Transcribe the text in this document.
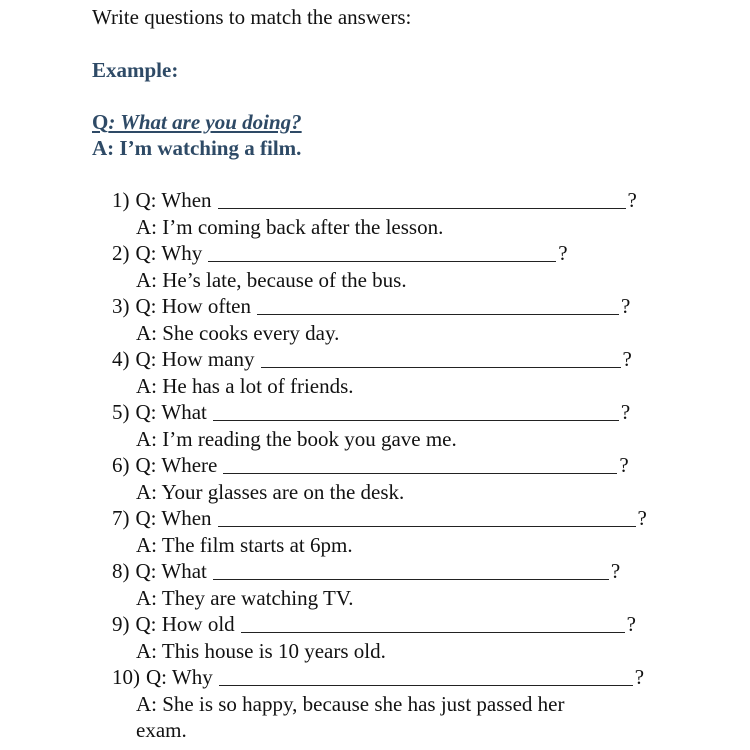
Write questions to match the answers:
Example:
Q: What are you doing?
A: I’m watching a film.
1) Q: When	?
A: I’m coming back after the lesson.
2) Q: Why	?
A: He’s late, because of the bus.
3) Q: How often	?
A: She cooks every day.
4) Q: How many	?
A: He has a lot of friends.
5) Q: What	?
A: I’m reading the book you gave me.
6) Q: Where	?
A: Your glasses are on the desk.
7) Q: When	?
A: The film starts at 6pm.
8) Q: What	?
A: They are watching TV.
9) Q: How old	?
A: This house is 10 years old.
10) Q: Why	?
A: She is so happy, because she has just passed her exam.
